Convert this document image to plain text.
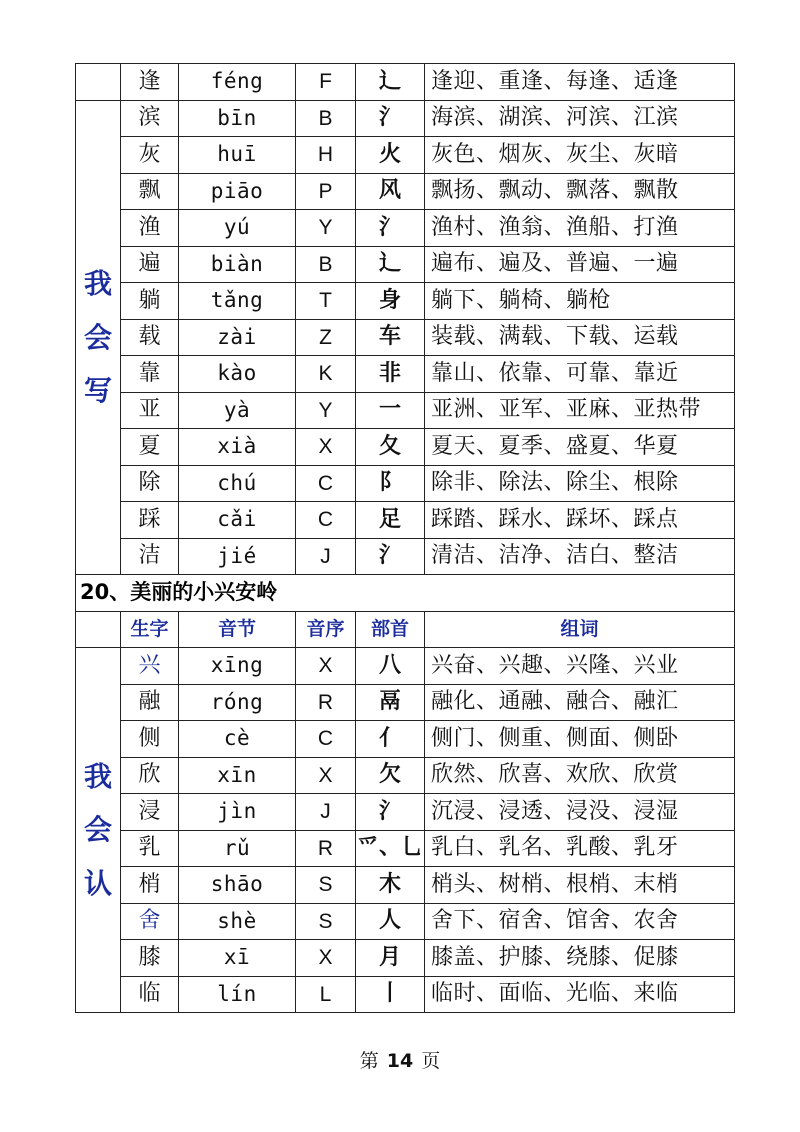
	逢	féng	F	辶	逢迎、重逢、每逢、适逢

我
会
写	滨	bīn	B	氵	海滨、湖滨、河滨、江滨
	灰	huī	H	火	灰色、烟灰、灰尘、灰暗
	飘	piāo	P	风	飘扬、飘动、飘落、飘散
	渔	yú	Y	氵	渔村、渔翁、渔船、打渔
	遍	biàn	B	辶	遍布、遍及、普遍、一遍
	躺	tǎng	T	身	躺下、躺椅、躺枪
	载	zài	Z	车	装载、满载、下载、运载
	靠	kào	K	非	靠山、依靠、可靠、靠近
	亚	yà	Y	一	亚洲、亚军、亚麻、亚热带
	夏	xià	X	夂	夏天、夏季、盛夏、华夏
	除	chú	C	阝	除非、除法、除尘、根除
	踩	cǎi	C	足	踩踏、踩水、踩坏、踩点
	洁	jié	J	氵	清洁、洁净、洁白、整洁
20、美丽的小兴安岭					
	生字	音节	音序	部首	组词

我
会
认	兴	xīng	X	八	兴奋、兴趣、兴隆、兴业
	融	róng	R	鬲	融化、通融、融合、融汇
	侧	cè	C	亻	侧门、侧重、侧面、侧卧
	欣	xīn	X	欠	欣然、欣喜、欢欣、欣赏
	浸	jìn	J	氵	沉浸、浸透、浸没、浸湿
	乳	rǔ	R	爫、乚	乳白、乳名、乳酸、乳牙
	梢	shāo	S	木	梢头、树梢、根梢、末梢
	舍	shè	S	人	舍下、宿舍、馆舍、农舍
	膝	xī	X	月	膝盖、护膝、绕膝、促膝
	临	lín	L	丨	临时、面临、光临、来临
第 14 页
